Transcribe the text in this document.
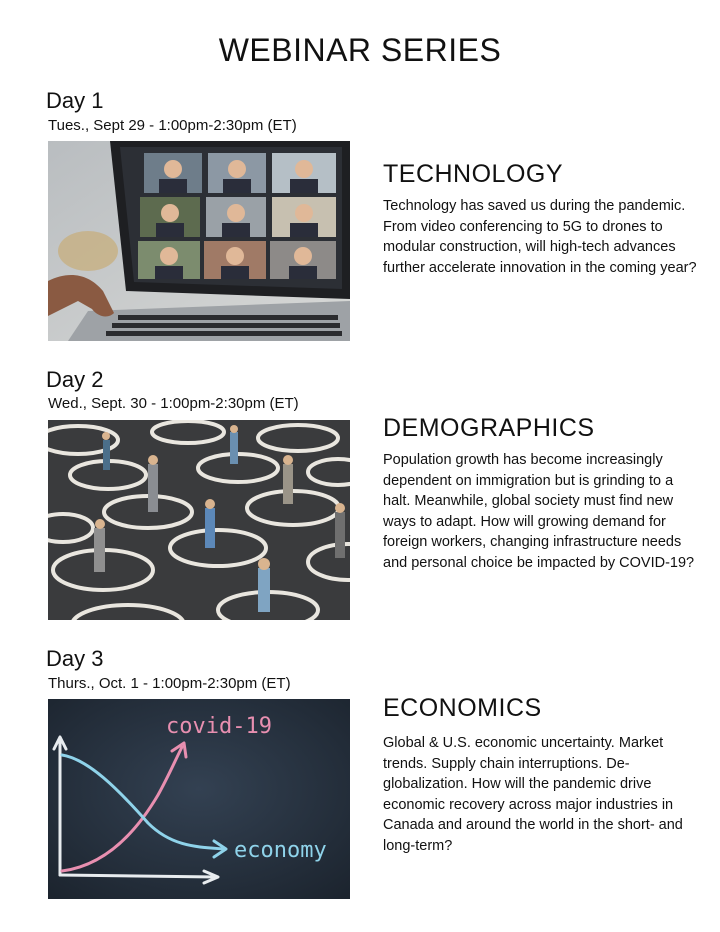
WEBINAR SERIES
Day 1

Tues., Sept 29 - 1:00pm-2:30pm (ET)

TECHNOLOGY

Technology has saved us during the pandemic. From video conferencing to 5G to drones to modular construction, will high-tech advances further accelerate innovation in the coming year?

Day 2

Wed., Sept. 30 - 1:00pm-2:30pm (ET)

DEMOGRAPHICS

Population growth has become increasingly dependent on immigration but is grinding to a halt. Meanwhile, global society must find new ways to adapt. How will growing demand for foreign workers, changing infrastructure needs and personal choice be impacted by COVID-19?

Day 3

Thurs., Oct. 1 - 1:00pm-2:30pm (ET)

covid-19
economy
ECONOMICS

Global & U.S. economic uncertainty. Market trends. Supply chain interruptions. De-globalization. How will the pandemic drive economic recovery across major industries in Canada and around the world in the short- and long-term?
